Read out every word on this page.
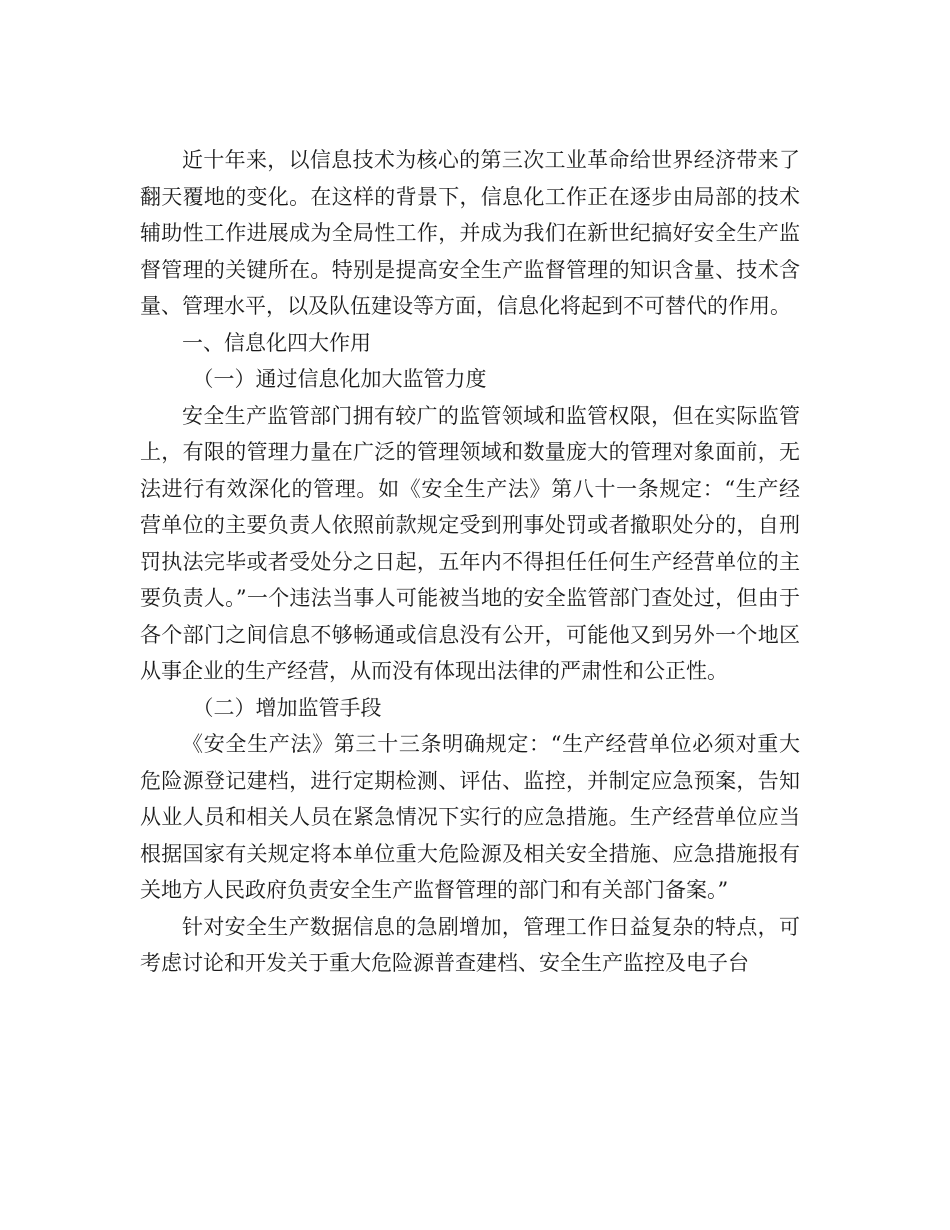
近十年来，以信息技术为核心的第三次工业革命给世界经济带来了翻天覆地的变化。在这样的背景下，信息化工作正在逐步由局部的技术辅助性工作进展成为全局性工作，并成为我们在新世纪搞好安全生产监督管理的关键所在。特别是提高安全生产监督管理的知识含量、技术含量、管理水平，以及队伍建设等方面，信息化将起到不可替代的作用。

一、信息化四大作用

（一）通过信息化加大监管力度

安全生产监管部门拥有较广的监管领域和监管权限，但在实际监管上，有限的管理力量在广泛的管理领域和数量庞大的管理对象面前，无法进行有效深化的管理。如《安全生产法》第八十一条规定：“生产经营单位的主要负责人依照前款规定受到刑事处罚或者撤职处分的，自刑罚执法完毕或者受处分之日起，五年内不得担任任何生产经营单位的主要负责人。”一个违法当事人可能被当地的安全监管部门查处过，但由于各个部门之间信息不够畅通或信息没有公开，可能他又到另外一个地区从事企业的生产经营，从而没有体现出法律的严肃性和公正性。

（二）增加监管手段

《安全生产法》第三十三条明确规定：“生产经营单位必须对重大危险源登记建档，进行定期检测、评估、监控，并制定应急预案，告知从业人员和相关人员在紧急情况下实行的应急措施。生产经营单位应当根据国家有关规定将本单位重大危险源及相关安全措施、应急措施报有关地方人民政府负责安全生产监督管理的部门和有关部门备案。”

针对安全生产数据信息的急剧增加，管理工作日益复杂的特点，可考虑讨论和开发关于重大危险源普查建档、安全生产监控及电子台
